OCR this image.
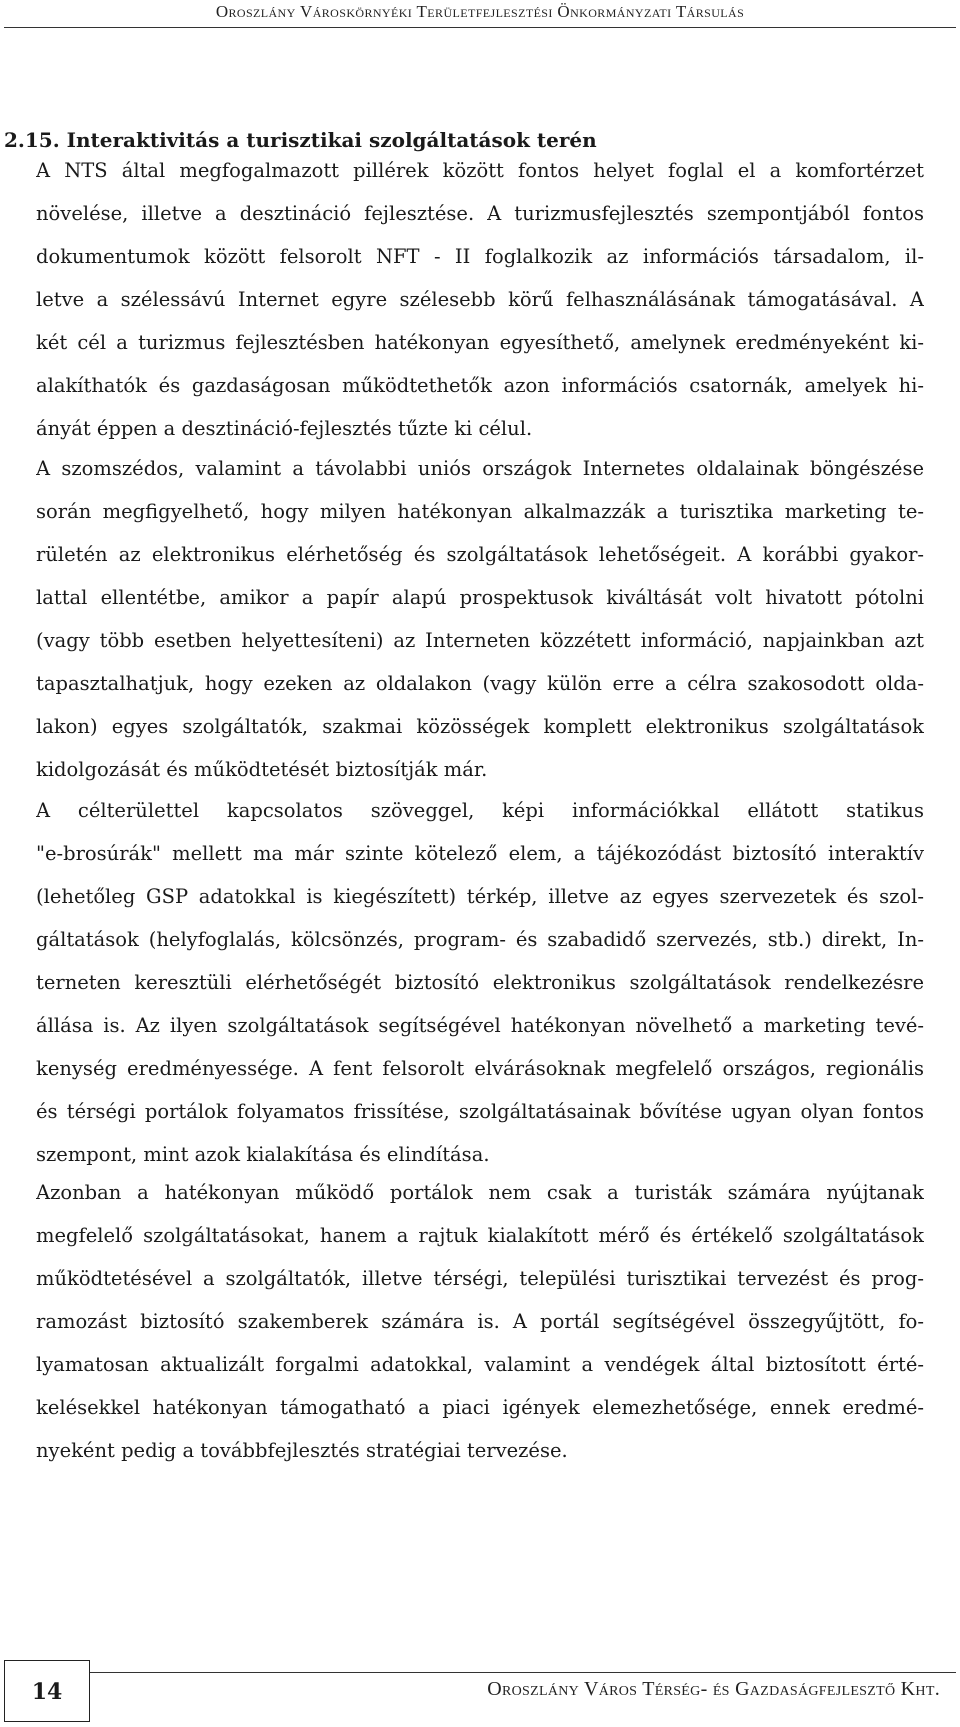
Oroszlány Városkörnyéki Területfejlesztési Önkormányzati Társulás
2.15. Interaktivitás a turisztikai szolgáltatások terén
A NTS által megfogalmazott pillérek között fontos helyet foglal el a komfortérzet
növelése, illetve a desztináció fejlesztése. A turizmusfejlesztés szempontjából fontos
dokumentumok között felsorolt NFT - II foglalkozik az információs társadalom, il-
letve a szélessávú Internet egyre szélesebb körű felhasználásának támogatásával. A
két cél a turizmus fejlesztésben hatékonyan egyesíthető, amelynek eredményeként ki-
alakíthatók és gazdaságosan működtethetők azon információs csatornák, amelyek hi-
ányát éppen a desztináció-fejlesztés tűzte ki célul.
A szomszédos, valamint a távolabbi uniós országok Internetes oldalainak böngészése
során megfigyelhető, hogy milyen hatékonyan alkalmazzák a turisztika marketing te-
rületén az elektronikus elérhetőség és szolgáltatások lehetőségeit. A korábbi gyakor-
lattal ellentétbe, amikor a papír alapú prospektusok kiváltását volt hivatott pótolni
(vagy több esetben helyettesíteni) az Interneten közzétett információ, napjainkban azt
tapasztalhatjuk, hogy ezeken az oldalakon (vagy külön erre a célra szakosodott olda-
lakon) egyes szolgáltatók, szakmai közösségek komplett elektronikus szolgáltatások
kidolgozását és működtetését biztosítják már.
A célterülettel kapcsolatos szöveggel, képi információkkal ellátott statikus
"e-brosúrák" mellett ma már szinte kötelező elem, a tájékozódást biztosító interaktív
(lehetőleg GSP adatokkal is kiegészített) térkép, illetve az egyes szervezetek és szol-
gáltatások (helyfoglalás, kölcsönzés, program- és szabadidő szervezés, stb.) direkt, In-
terneten keresztüli elérhetőségét biztosító elektronikus szolgáltatások rendelkezésre
állása is. Az ilyen szolgáltatások segítségével hatékonyan növelhető a marketing tevé-
kenység eredményessége. A fent felsorolt elvárásoknak megfelelő országos, regionális
és térségi portálok folyamatos frissítése, szolgáltatásainak bővítése ugyan olyan fontos
szempont, mint azok kialakítása és elindítása.
Azonban a hatékonyan működő portálok nem csak a turisták számára nyújtanak
megfelelő szolgáltatásokat, hanem a rajtuk kialakított mérő és értékelő szolgáltatások
működtetésével a szolgáltatók, illetve térségi, települési turisztikai tervezést és prog-
ramozást biztosító szakemberek számára is. A portál segítségével összegyűjtött, fo-
lyamatosan aktualizált forgalmi adatokkal, valamint a vendégek által biztosított érté-
kelésekkel hatékonyan támogatható a piaci igények elemezhetősége, ennek eredmé-
nyeként pedig a továbbfejlesztés stratégiai tervezése.
14	Oroszlány Város Térség- és Gazdaságfejlesztő Kht.
